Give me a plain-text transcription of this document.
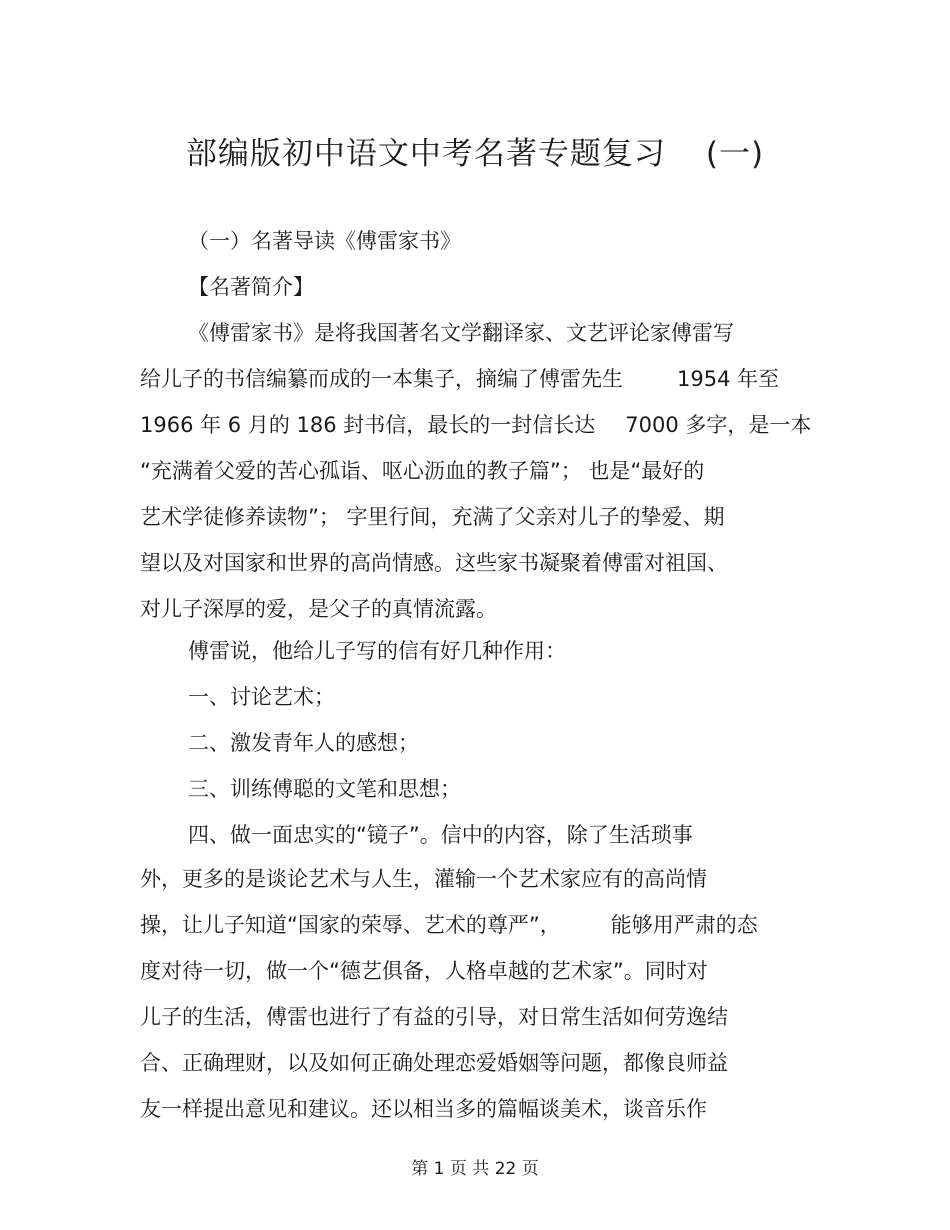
部编版初中语文中考名著专题复习 (一)
（一）名著导读《傅雷家书》
【名著简介】
《傅雷家书》是将我国著名文学翻译家、文艺评论家傅雷写
给儿子的书信编纂而成的一本集子，摘编了傅雷先生	1954 年至
1966 年 6 月的 186 封书信，最长的一封信长达 7000 多字，是一本
“充满着父爱的苦心孤诣、呕心沥血的教子篇”； 也是“最好的
艺术学徒修养读物”； 字里行间，充满了父亲对儿子的挚爱、期
望以及对国家和世界的高尚情感。这些家书凝聚着傅雷对祖国、
对儿子深厚的爱，是父子的真情流露。
傅雷说，他给儿子写的信有好几种作用：
一、讨论艺术；
二、激发青年人的感想；
三、训练傅聪的文笔和思想；
四、做一面忠实的“镜子”。信中的内容，除了生活琐事
外，更多的是谈论艺术与人生，灌输一个艺术家应有的高尚情
操，让儿子知道“国家的荣辱、艺术的尊严”， 能够用严肃的态
度对待一切，做一个“德艺俱备，人格卓越的艺术家”。同时对
儿子的生活，傅雷也进行了有益的引导，对日常生活如何劳逸结
合、正确理财，以及如何正确处理恋爱婚姻等问题，都像良师益
友一样提出意见和建议。还以相当多的篇幅谈美术，谈音乐作
第 1 页 共 22 页
